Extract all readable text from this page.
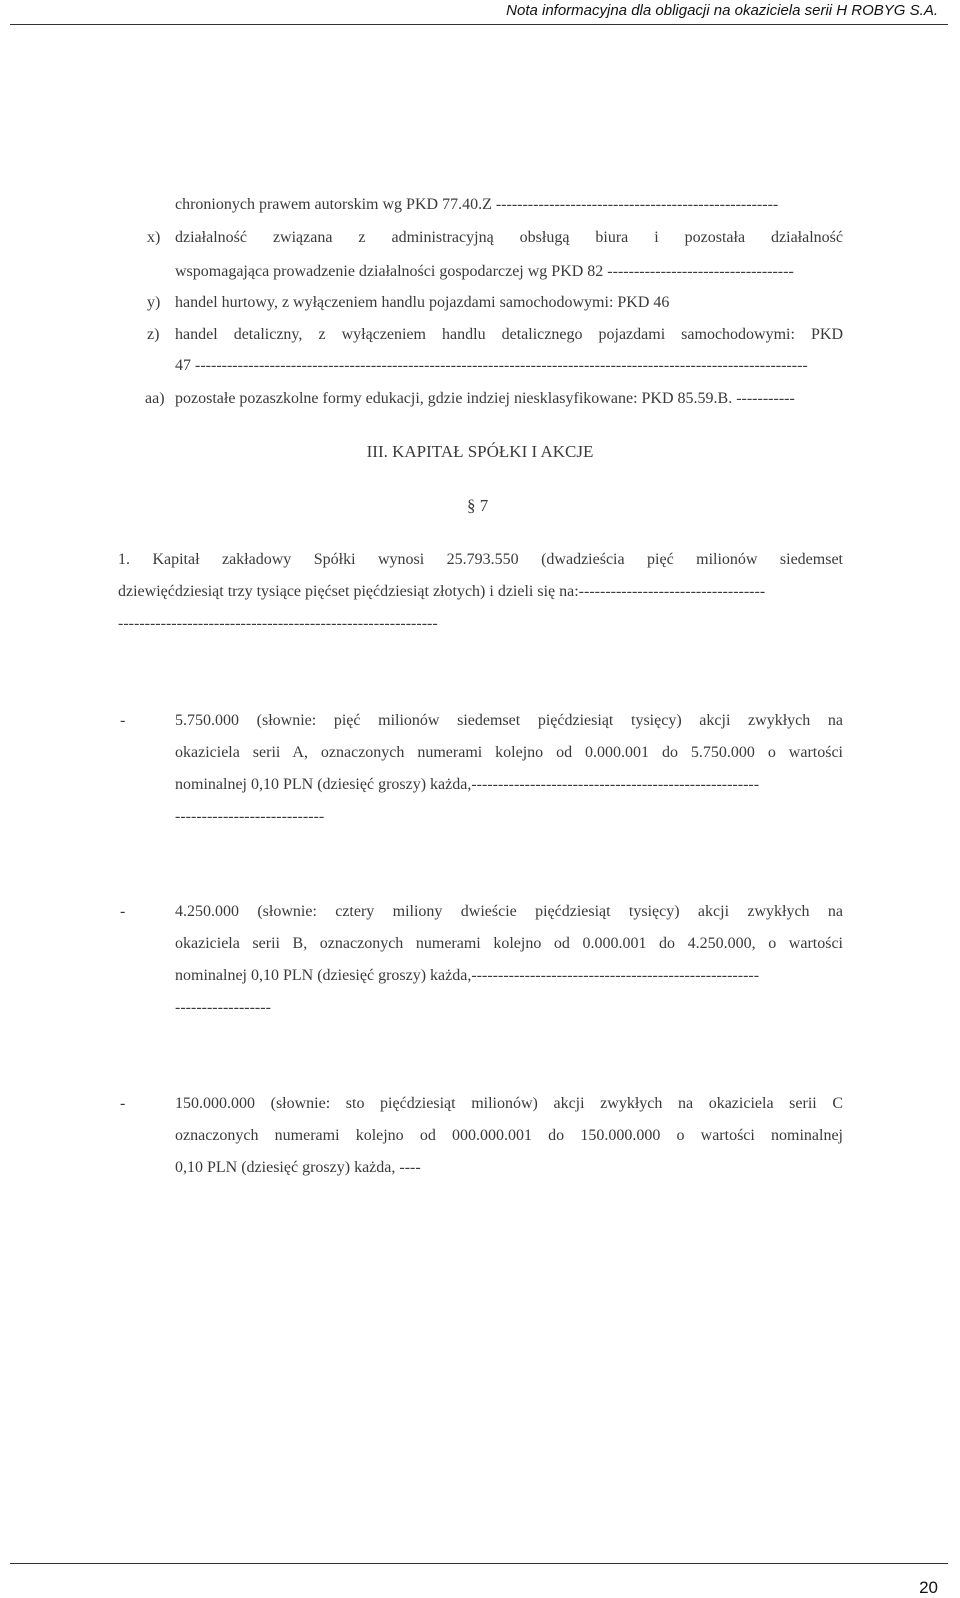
Nota informacyjna dla obligacji na okaziciela serii H ROBYG S.A.

chronionych prawem autorskim wg PKD 77.40.Z -----------------------------------------------------

x) działalność związana z administracyjną obsługą biura i pozostała działalność

wspomagająca prowadzenie działalności gospodarczej wg PKD 82 -----------------------------------

y) handel hurtowy, z wyłączeniem handlu pojazdami samochodowymi: PKD 46

z) handel detaliczny, z wyłączeniem handlu detalicznego pojazdami samochodowymi: PKD

47 -------------------------------------------------------------------------------------------------------------------

aa) pozostałe pozaszkolne formy edukacji, gdzie indziej niesklasyfikowane: PKD 85.59.B. -----------

III. KAPITAŁ SPÓŁKI I AKCJE
§ 7

1. Kapitał zakładowy Spółki wynosi 25.793.550 (dwadzieścia pięć milionów siedemset

dziewięćdziesiąt trzy tysiące pięćset pięćdziesiąt złotych) i dzieli się na:-----------------------------------

------------------------------------------------------------

-	5.750.000 (słownie: pięć milionów siedemset pięćdziesiąt tysięcy) akcji zwykłych na

okaziciela serii A, oznaczonych numerami kolejno od 0.000.001 do 5.750.000 o wartości

nominalnej 0,10 PLN (dziesięć groszy) każda,------------------------------------------------------

----------------------------

-	4.250.000 (słownie: cztery miliony dwieście pięćdziesiąt tysięcy) akcji zwykłych na

okaziciela serii B, oznaczonych numerami kolejno od 0.000.001 do 4.250.000, o wartości

nominalnej 0,10 PLN (dziesięć groszy) każda,------------------------------------------------------

------------------

-	150.000.000 (słownie: sto pięćdziesiąt milionów) akcji zwykłych na okaziciela serii C

oznaczonych numerami kolejno od 000.000.001 do 150.000.000 o wartości nominalnej

0,10 PLN (dziesięć groszy) każda, ----

20
